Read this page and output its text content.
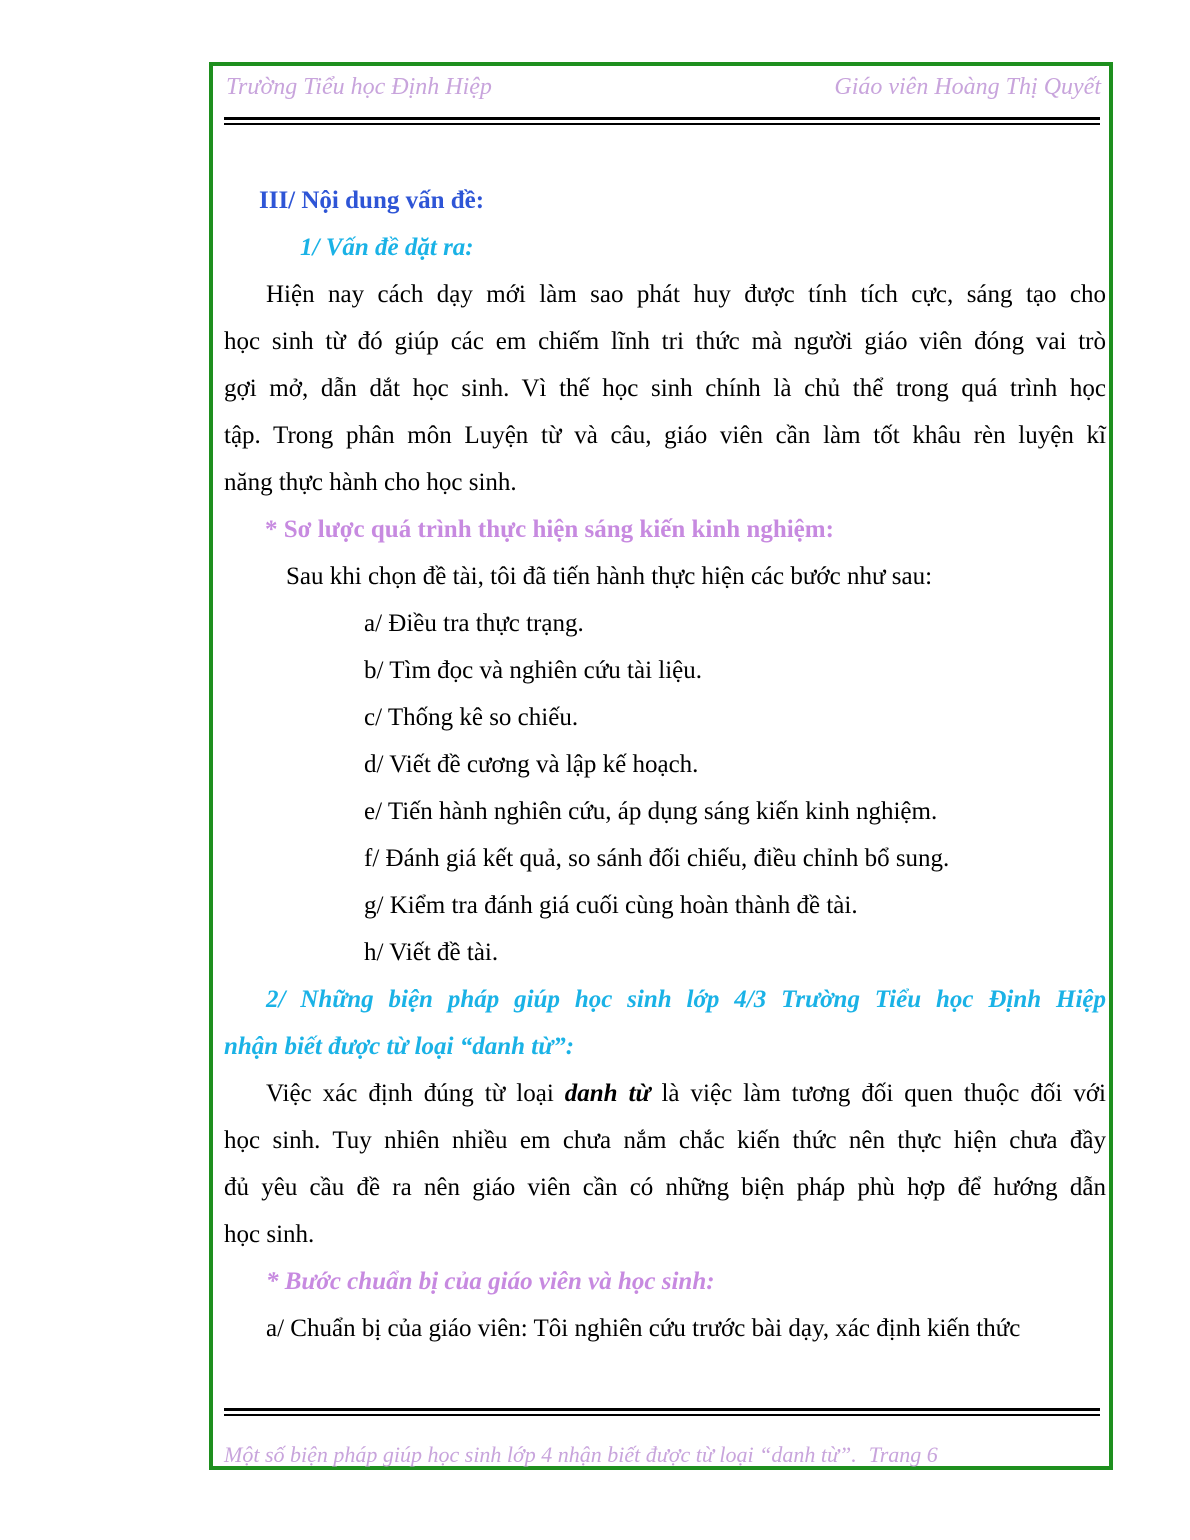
Trường Tiểu học Định Hiệp	Giáo viên Hoàng Thị Quyết
III/ Nội dung vấn đề:
1/ Vấn đề dặt ra:
Hiện nay cách dạy mới làm sao phát huy được tính tích cực, sáng tạo cho
học sinh từ đó giúp các em chiếm lĩnh tri thức mà người giáo viên đóng vai trò
gợi mở, dẫn dắt học sinh. Vì thế học sinh chính là chủ thể trong quá trình học
tập. Trong phân môn Luyện từ và câu, giáo viên cần làm tốt khâu rèn luyện kĩ
năng thực hành cho học sinh.
* Sơ lược quá trình thực hiện sáng kiến kinh nghiệm:
Sau khi chọn đề tài, tôi đã tiến hành thực hiện các bước như sau:
a/ Điều tra thực trạng.
b/ Tìm đọc và nghiên cứu tài liệu.
c/ Thống kê so chiếu.
d/ Viết đề cương và lập kế hoạch.
e/ Tiến hành nghiên cứu, áp dụng sáng kiến kinh nghiệm.
f/ Đánh giá kết quả, so sánh đối chiếu, điều chỉnh bổ sung.
g/ Kiểm tra đánh giá cuối cùng hoàn thành đề tài.
h/ Viết đề tài.
2/ Những biện pháp giúp học sinh lớp 4/3 Trường Tiểu học Định Hiệp
nhận biết được từ loại “danh từ”:
Việc xác định đúng từ loại danh từ là việc làm tương đối quen thuộc đối với
học sinh. Tuy nhiên nhiều em chưa nắm chắc kiến thức nên thực hiện chưa đầy
đủ yêu cầu đề ra nên giáo viên cần có những biện pháp phù hợp để hướng dẫn
học sinh.
* Bước chuẩn bị của giáo viên và học sinh:
a/ Chuẩn bị của giáo viên: Tôi nghiên cứu trước bài dạy, xác định kiến thức
Một số biện pháp giúp học sinh lớp 4 nhận biết được từ loại “danh từ”. Trang 6
